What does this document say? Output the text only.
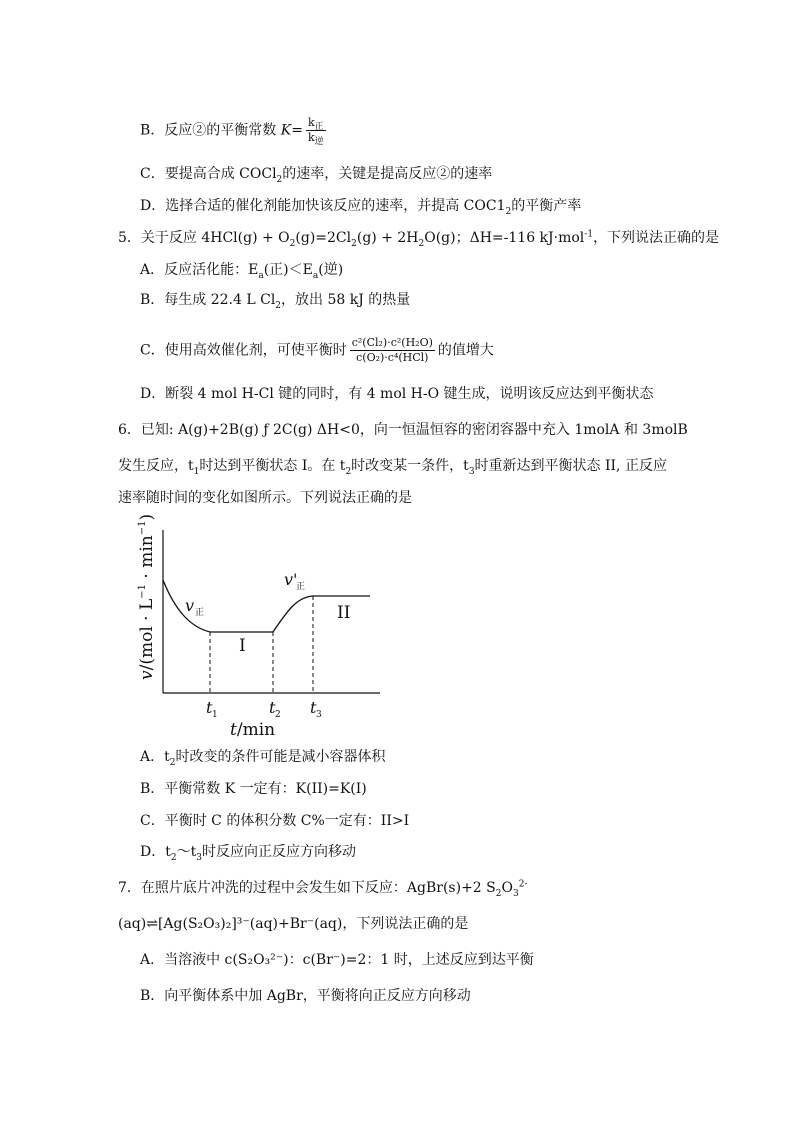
B．反应②的平衡常数 $K= \frac{k_正}{k_逆}$
C．要提高合成 COCl$_2$的速率，关键是提高反应②的速率
D．选择合适的催化剂能加快该反应的速率，并提高 $COC1_2$的平衡产率
5．关于反应 $4HCl(g) + O_2(g)=2Cl_2(g) + 2H_2O(g)$；ΔH=-116 kJ·mol$^{-1}$，下列说法正确的是
A．反应活化能：$E_a$(正)$<E_a$(逆)
B．每生成 22.4 L $Cl_2$，放出 58 kJ 的热量
C．使用高效催化剂，可使平衡时 $\frac{\text{c²(Cl₂)·c²(H₂O)}}{\text{c(O₂)·c⁴(HCl)}}$ 的值增大
D．断裂 4 mol H-Cl 键的同时，有 4 mol H-O 键生成，说明该反应达到平衡状态
6．已知: A(g)+2B(g) ƒ 2C(g) ΔH<0，向一恒温恒容的密闭容器中充入 1molA 和 3molB
发生反应，$t_1$时达到平衡状态 I。在 $t_2$时改变某一条件，$t_3$时重新达到平衡状态 II, 正反应
速率随时间的变化如图所示。下列说法正确的是
v 正
v'
正
I
II
t 1	t 2 t 3
t/min
$v/(mol \cdot L^{-1} \cdot \min^{-1})$
A．$t_2$时改变的条件可能是减小容器体积
B．平衡常数 K 一定有：K(II)=K(I)
C．平衡时 C 的体积分数 C%一定有：II>I
D．$t_2\sim t_3$时反应向正反应方向移动
7．在照片底片冲洗的过程中会发生如下反应：AgBr(s)+2 $S_2O_3^{2-}$
(aq)⇌[Ag(S₂O₃)₂]³⁻(aq)+Br⁻(aq)，下列说法正确的是
A．当溶液中 c(S₂O₃²⁻)：c(Br⁻)=2：1 时，上述反应到达平衡
B．向平衡体系中加 AgBr，平衡将向正反应方向移动
